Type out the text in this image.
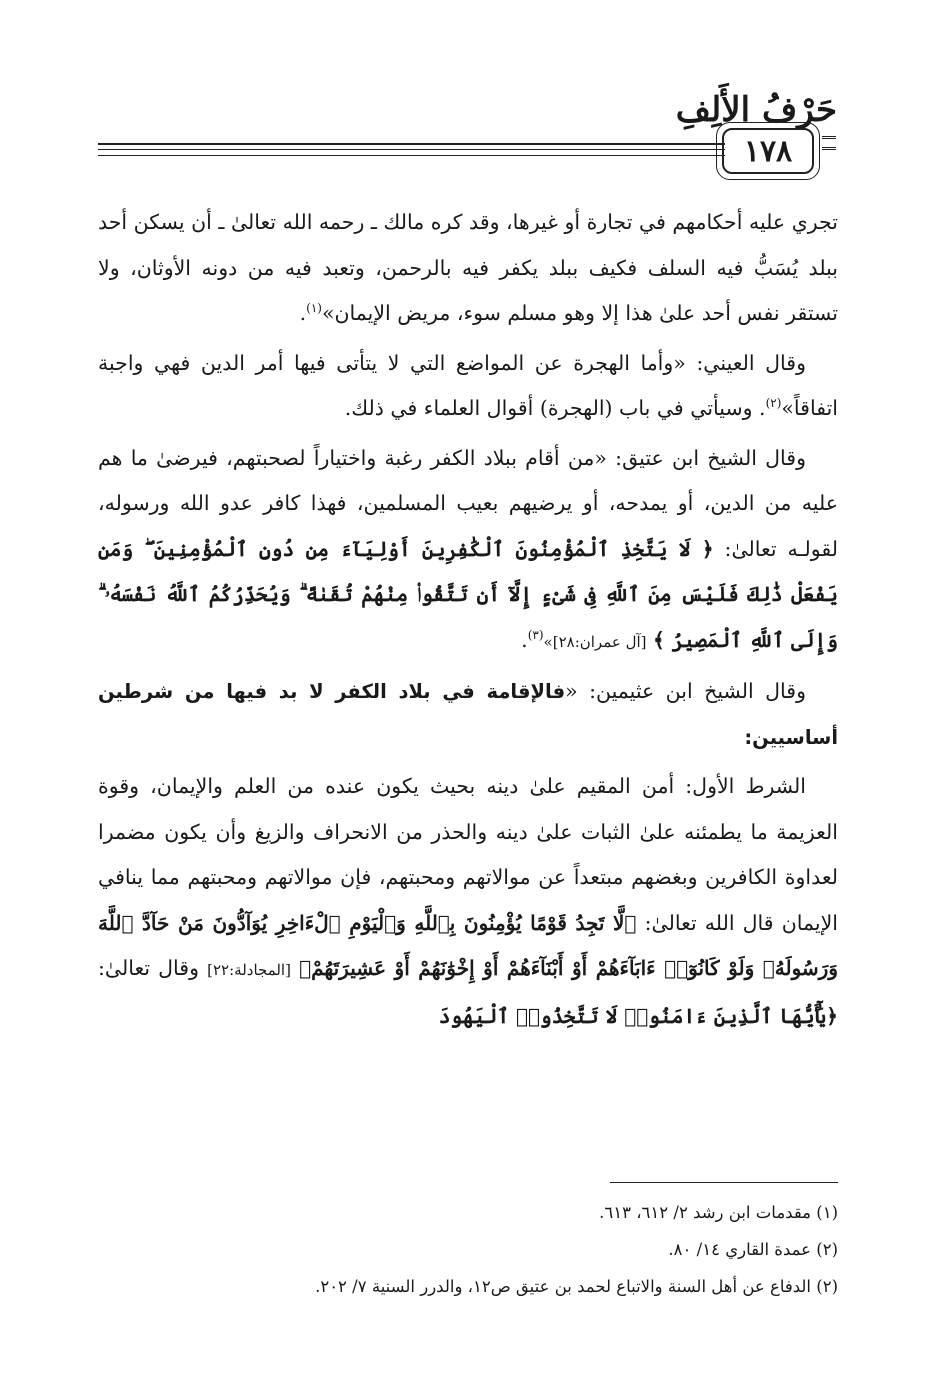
حَرْفُ الأَلِفِ
١٧٨

تجري عليه أحكامهم في تجارة أو غيرها، وقد كره مالك ـ رحمه الله تعالىٰ ـ أن يسكن أحد ببلد يُسَبُّ فيه السلف فكيف ببلد يكفر فيه بالرحمن، وتعبد فيه من دونه الأوثان، ولا تستقر نفس أحد علىٰ هذا إلا وهو مسلم سوء، مريض الإيمان»$^{(١)}$.

وقال العيني: «وأما الهجرة عن المواضع التي لا يتأتى فيها أمر الدين فهي واجبة اتفاقاً»$^{(٢)}$. وسيأتي في باب (الهجرة) أقوال العلماء في ذلك.

وقال الشيخ ابن عتيق: «من أقام ببلاد الكفر رغبة واختياراً لصحبتهم، فيرضىٰ ما هم عليه من الدين، أو يمدحه، أو يرضيهم بعيب المسلمين، فهذا كافر عدو الله ورسوله، لقولـه تعالىٰ: ﴿ لَا يَتَّخِذِ ٱلْمُؤْمِنُونَ ٱلْكَٰفِرِينَ أَوْلِيَآءَ مِن دُونِ ٱلْمُؤْمِنِينَ ۖ وَمَن يَفْعَلْ ذَٰلِكَ فَلَيْسَ مِنَ ٱللَّهِ فِى شَىْءٍ إِلَّآ أَن تَتَّقُوا۟ مِنْهُمْ تُقَىٰةً ۗ وَيُحَذِّرُكُمُ ٱللَّهُ نَفْسَهُۥ ۗ وَإِلَى ٱللَّهِ ٱلْمَصِيرُ ﴾ [آل عمران:٢٨]»$^{(٣)}$.

وقال الشيخ ابن عثيمين: «فالإقامة في بلاد الكفر لا بد فيها من شرطين أساسيين:

الشرط الأول: أمن المقيم علىٰ دينه بحيث يكون عنده من العلم والإيمان، وقوة العزيمة ما يطمئنه علىٰ الثبات علىٰ دينه والحذر من الانحراف والزيغ وأن يكون مضمرا لعداوة الكافرين وبغضهم مبتعداً عن موالاتهم ومحبتهم، فإن موالاتهم ومحبتهم مما ينافي الإيمان قال الله تعالىٰ: ﴿لَّا تَجِدُ قَوْمًا يُؤْمِنُونَ بِٱللَّهِ وَٱلْيَوْمِ ٱلْءَاخِرِ يُوَآدُّونَ مَنْ حَآدَّ ٱللَّهَ وَرَسُولَهُۥ وَلَوْ كَانُوٓا۟ ءَابَآءَهُمْ أَوْ أَبْنَآءَهُمْ أَوْ إِخْوَٰنَهُمْ أَوْ عَشِيرَتَهُمْ﴾ [المجادلة:٢٢] وقال تعالىٰ: ﴿يَٰٓأَيُّهَا ٱلَّذِينَ ءَامَنُوا۟ لَا تَتَّخِذُوا۟ ٱلْيَهُودَ

(١) مقدمات ابن رشد ٢/ ٦١٢، ٦١٣.
(٢) عمدة القاري ١٤/ ٨٠.
(٢) الدفاع عن أهل السنة والاتباع لحمد بن عتيق ص١٢، والدرر السنية ٧/ ٢٠٢.
